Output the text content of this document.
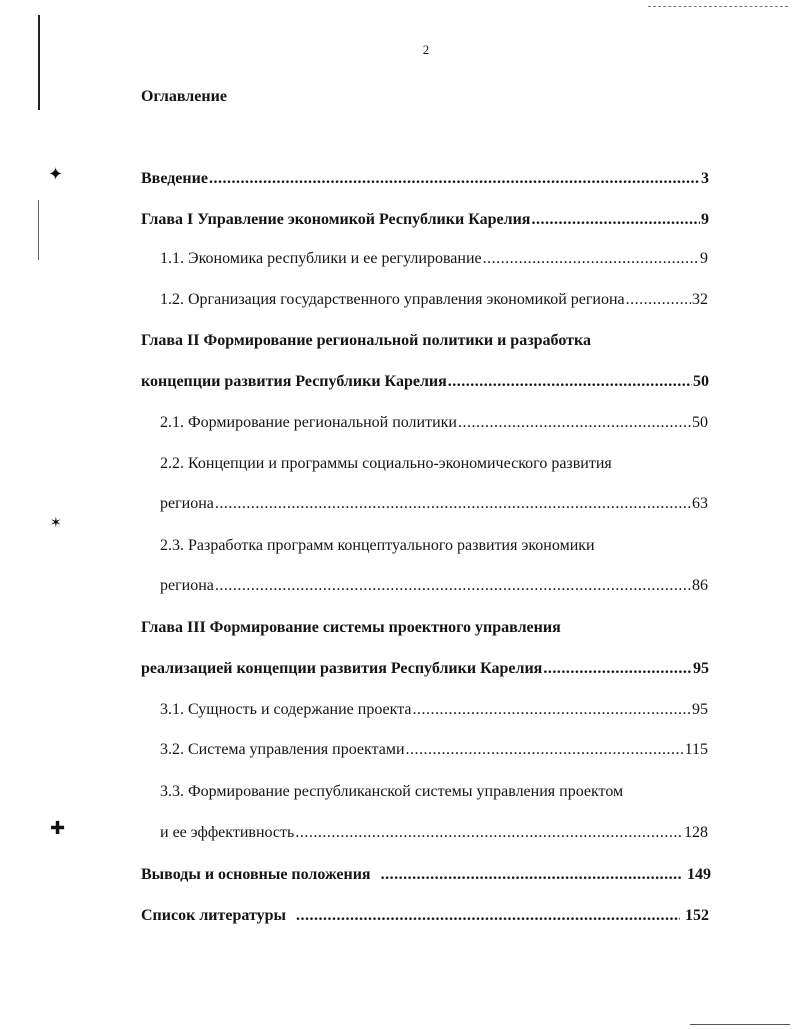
✦
✶
✚
2
Оглавление
Введение .....	3
Глава I Управление экономикой Республики Карелия .....	9
1.1. Экономика республики и ее регулирование .....	9
1.2. Организация государственного управления экономикой региона .....	32
Глава II Формирование региональной политики и разработка
концепции развития Республики Карелия .....	50
2.1. Формирование региональной политики .....	50
2.2. Концепции и программы социально-экономического развития
региона .....	63
2.3. Разработка программ концептуального развития экономики
региона .....	86
Глава III Формирование системы проектного управления
реализацией концепции развития Республики Карелия .....	95
3.1. Сущность и содержание проекта .....	95
3.2. Система управления проектами .....	115
3.3. Формирование республиканской системы управления проектом
и ее эффективность .....	128
Выводы и основные положения .....	149
Список литературы .....	152
